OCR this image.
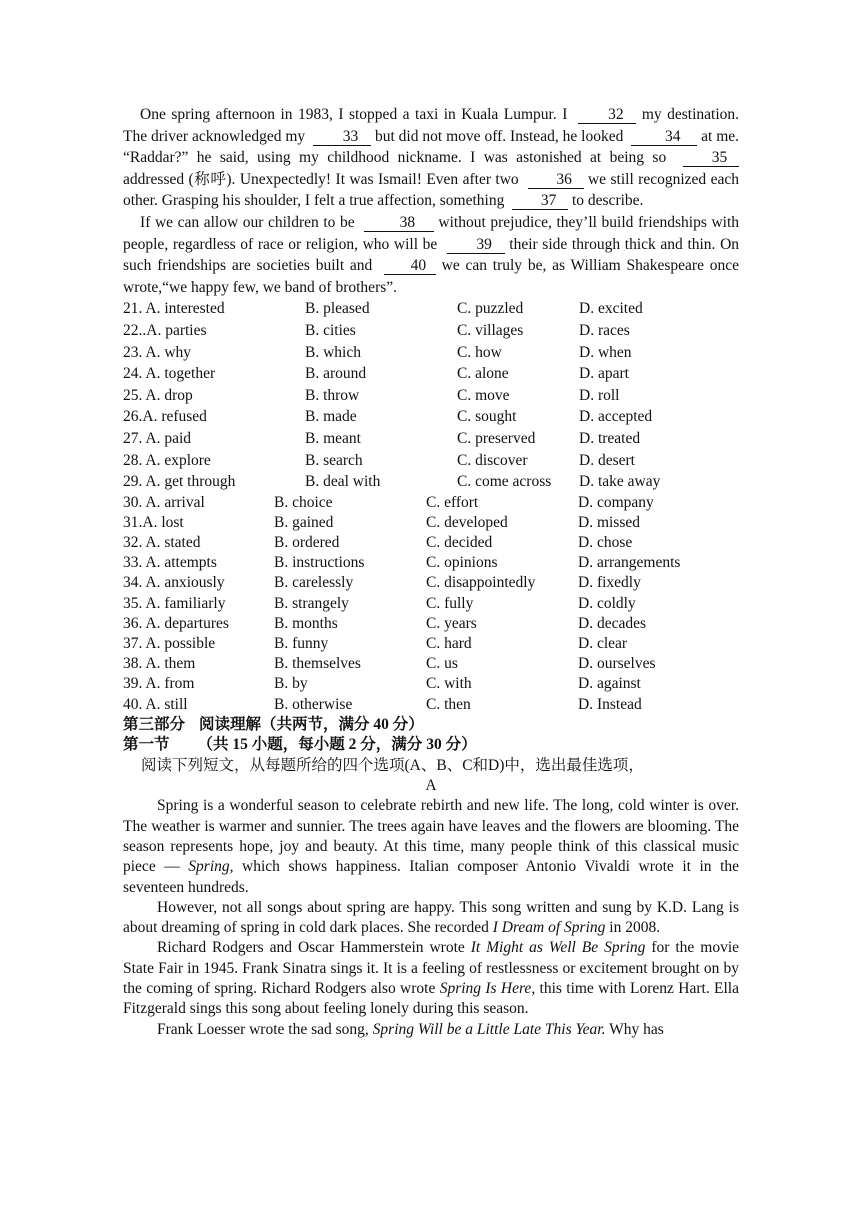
One spring afternoon in 1983, I stopped a taxi in Kuala Lumpur. I	32 my destination. The driver acknowledged my 33 but did not move off. Instead, he looked	34 at me. “Raddar?” he said, using my childhood nickname. I was astonished at being so	35 addressed (称呼). Unexpectedly! It was Ismail! Even after two 36 we still recognized each other. Grasping his shoulder, I felt a true affection, something 37 to describe.

If we can allow our children to be	38 without prejudice, they’ll build friendships with people, regardless of race or religion, who will be	39 their side through thick and thin. On such friendships are societies built and 40 we can truly be, as William Shakespeare once wrote,“we happy few, we band of brothers”.

21. A. interested	B. pleased	C. puzzled	D. excited
22..A. parties	B. cities	C. villages	D. races
23. A. why	B. which	C. how	D. when
24. A. together	B. around	C. alone	D. apart
25. A. drop	B. throw	C. move	D. roll
26.A. refused	B. made	C. sought	D. accepted
27. A. paid	B. meant	C. preserved	D. treated
28. A. explore	B. search	C. discover	D. desert
29. A. get through	B. deal with	C. come across	D. take away
30. A. arrival	B. choice	C. effort	D. company
31.A. lost	B. gained	C. developed	D. missed
32. A. stated	B. ordered	C. decided	D. chose
33. A. attempts	B. instructions	C. opinions	D. arrangements
34. A. anxiously	B. carelessly	C. disappointedly	D. fixedly
35. A. familiarly	B. strangely	C. fully	D. coldly
36. A. departures	B. months	C. years	D. decades
37. A. possible	B. funny	C. hard	D. clear
38. A. them	B. themselves	C. us	D. ourselves
39. A. from	B. by	C. with	D. against
40. A. still	B. otherwise	C. then	D. Instead
第三部分 阅读理解（共两节，满分 40 分）
第一节 （共 15 小题，每小题 2 分，满分 30 分）
阅读下列短文，从每题所给的四个选项(A、B、C和D)中，选出最佳选项，
A

Spring is a wonderful season to celebrate rebirth and new life. The long, cold winter is over. The weather is warmer and sunnier. The trees again have leaves and the flowers are blooming. The season represents hope, joy and beauty. At this time, many people think of this classical music piece — Spring, which shows happiness. Italian composer Antonio Vivaldi wrote it in the seventeen hundreds.

However, not all songs about spring are happy. This song written and sung by K.D. Lang is about dreaming of spring in cold dark places. She recorded I Dream of Spring in 2008.

Richard Rodgers and Oscar Hammerstein wrote It Might as Well Be Spring for the movie State Fair in 1945. Frank Sinatra sings it. It is a feeling of restlessness or excitement brought on by the coming of spring. Richard Rodgers also wrote Spring Is Here, this time with Lorenz Hart. Ella Fitzgerald sings this song about feeling lonely during this season.

Frank Loesser wrote the sad song, Spring Will be a Little Late This Year. Why has
